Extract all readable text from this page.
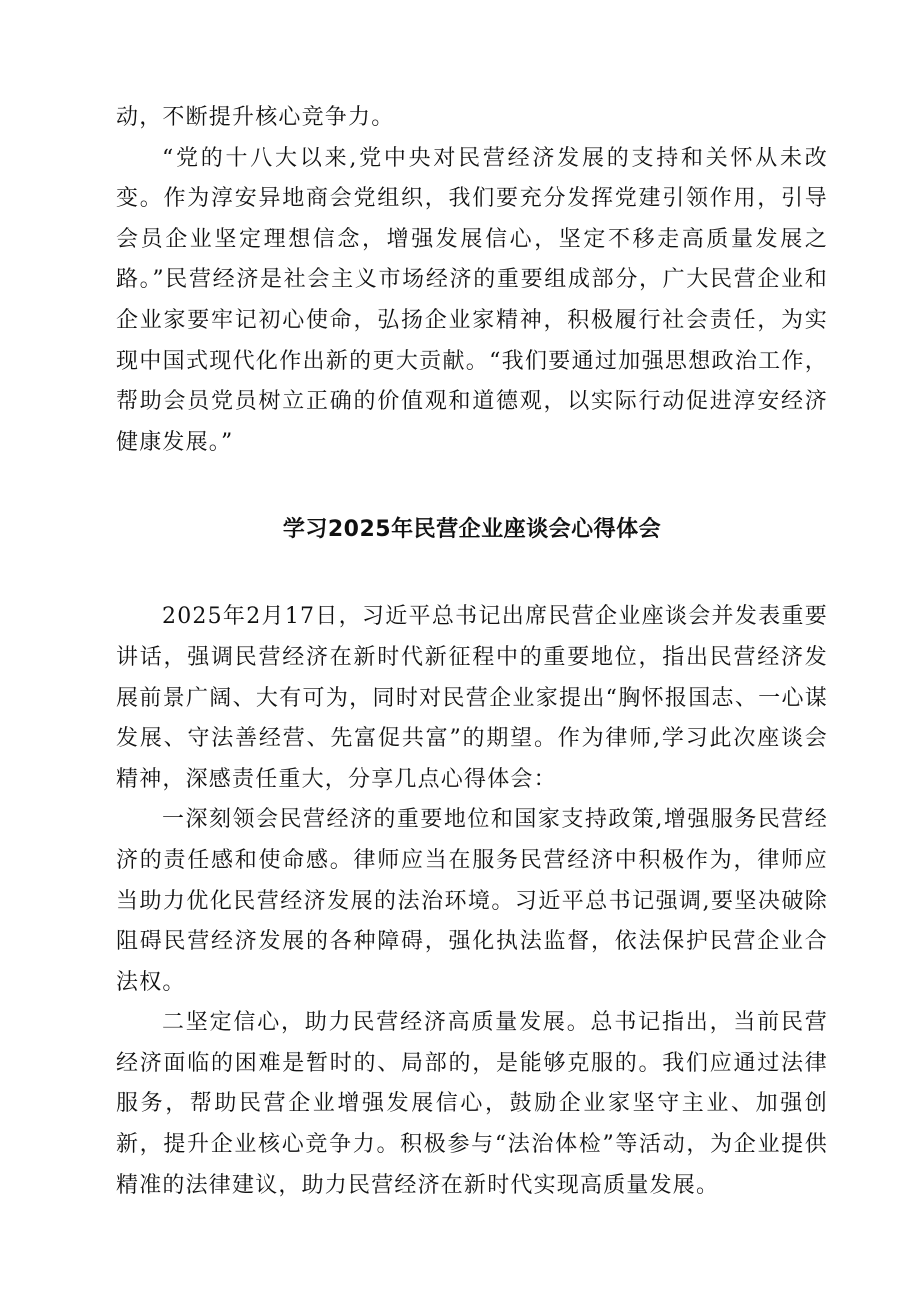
动，不断提升核心竞争力。

“党的十八大以来,党中央对民营经济发展的支持和关怀从未改变。作为淳安异地商会党组织，我们要充分发挥党建引领作用，引导会员企业坚定理想信念，增强发展信心，坚定不移走高质量发展之路。”民营经济是社会主义市场经济的重要组成部分，广大民营企业和企业家要牢记初心使命，弘扬企业家精神，积极履行社会责任，为实现中国式现代化作出新的更大贡献。“我们要通过加强思想政治工作，帮助会员党员树立正确的价值观和道德观，以实际行动促进淳安经济健康发展。”

学习2025年民营企业座谈会心得体会

2025年2月17日，习近平总书记出席民营企业座谈会并发表重要讲话，强调民营经济在新时代新征程中的重要地位，指出民营经济发展前景广阔、大有可为，同时对民营企业家提出“胸怀报国志、一心谋发展、守法善经营、先富促共富”的期望。作为律师,学习此次座谈会精神，深感责任重大，分享几点心得体会：

一深刻领会民营经济的重要地位和国家支持政策,增强服务民营经济的责任感和使命感。律师应当在服务民营经济中积极作为，律师应当助力优化民营经济发展的法治环境。习近平总书记强调,要坚决破除阻碍民营经济发展的各种障碍，强化执法监督，依法保护民营企业合法权。

二坚定信心，助力民营经济高质量发展。总书记指出，当前民营经济面临的困难是暂时的、局部的，是能够克服的。我们应通过法律服务，帮助民营企业增强发展信心，鼓励企业家坚守主业、加强创新，提升企业核心竞争力。积极参与“法治体检”等活动，为企业提供精准的法律建议，助力民营经济在新时代实现高质量发展。
